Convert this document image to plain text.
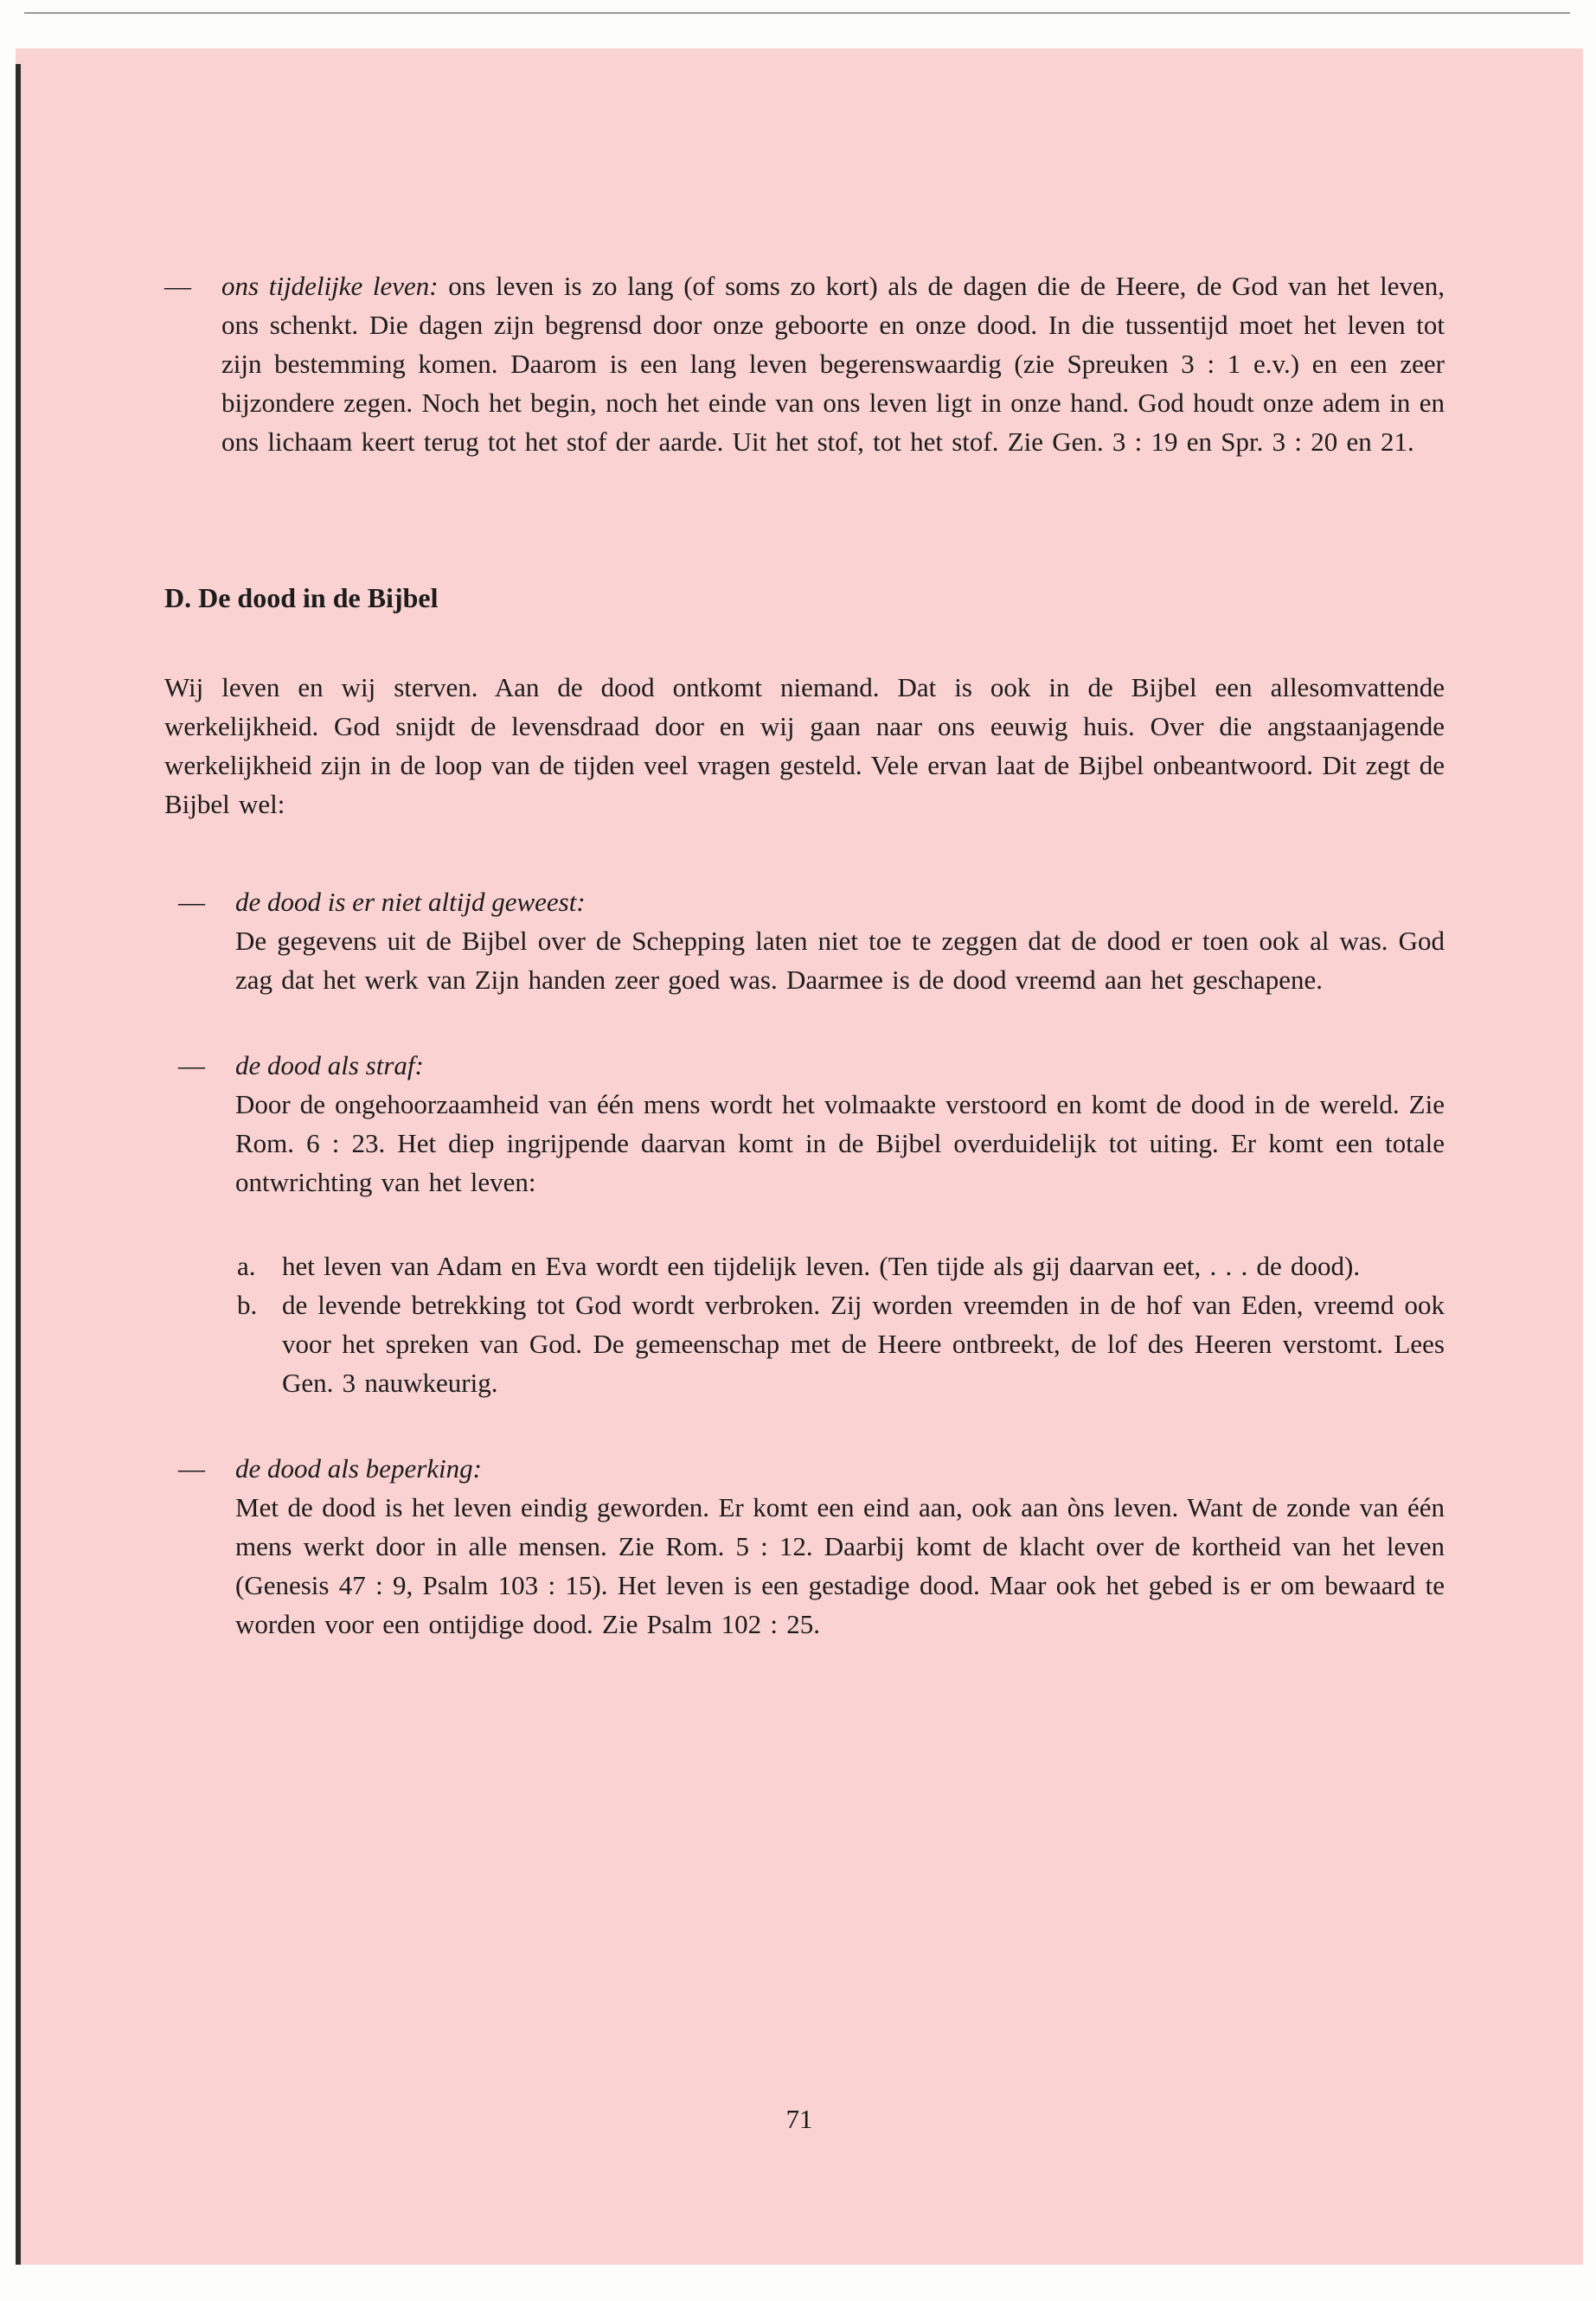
—	ons tijdelijke leven: ons leven is zo lang (of soms zo kort) als de dagen die de Heere, de God van het leven, ons schenkt. Die dagen zijn begrensd door onze geboorte en onze dood. In die tussentijd moet het leven tot zijn bestemming komen. Daarom is een lang leven begerenswaardig (zie Spreuken 3 : 1 e.v.) en een zeer bijzondere zegen. Noch het begin, noch het einde van ons leven ligt in onze hand. God houdt onze adem in en ons lichaam keert terug tot het stof der aarde. Uit het stof, tot het stof. Zie Gen. 3 : 19 en Spr. 3 : 20 en 21.

D. De dood in de Bijbel

Wij leven en wij sterven. Aan de dood ontkomt niemand. Dat is ook in de Bijbel een allesomvattende werkelijkheid. God snijdt de levensdraad door en wij gaan naar ons eeuwig huis. Over die angstaanjagende werkelijkheid zijn in de loop van de tijden veel vragen gesteld. Vele ervan laat de Bijbel onbeantwoord. Dit zegt de Bijbel wel:

—	de dood is er niet altijd geweest:

De gegevens uit de Bijbel over de Schepping laten niet toe te zeggen dat de dood er toen ook al was. God zag dat het werk van Zijn handen zeer goed was. Daarmee is de dood vreemd aan het geschapene.

—	de dood als straf:

Door de ongehoorzaamheid van één mens wordt het volmaakte verstoord en komt de dood in de wereld. Zie Rom. 6 : 23. Het diep ingrijpende daarvan komt in de Bijbel overduidelijk tot uiting. Er komt een totale ontwrichting van het leven:

a. het leven van Adam en Eva wordt een tijdelijk leven. (Ten tijde als gij daarvan eet, . . . de dood).

b. de levende betrekking tot God wordt verbroken. Zij worden vreemden in de hof van Eden, vreemd ook voor het spreken van God. De gemeenschap met de Heere ontbreekt, de lof des Heeren verstomt. Lees Gen. 3 nauwkeurig.

—	de dood als beperking:

Met de dood is het leven eindig geworden. Er komt een eind aan, ook aan òns leven. Want de zonde van één mens werkt door in alle mensen. Zie Rom. 5 : 12. Daarbij komt de klacht over de kortheid van het leven (Genesis 47 : 9, Psalm 103 : 15). Het leven is een gestadige dood. Maar ook het gebed is er om bewaard te worden voor een ontijdige dood. Zie Psalm 102 : 25.

71
